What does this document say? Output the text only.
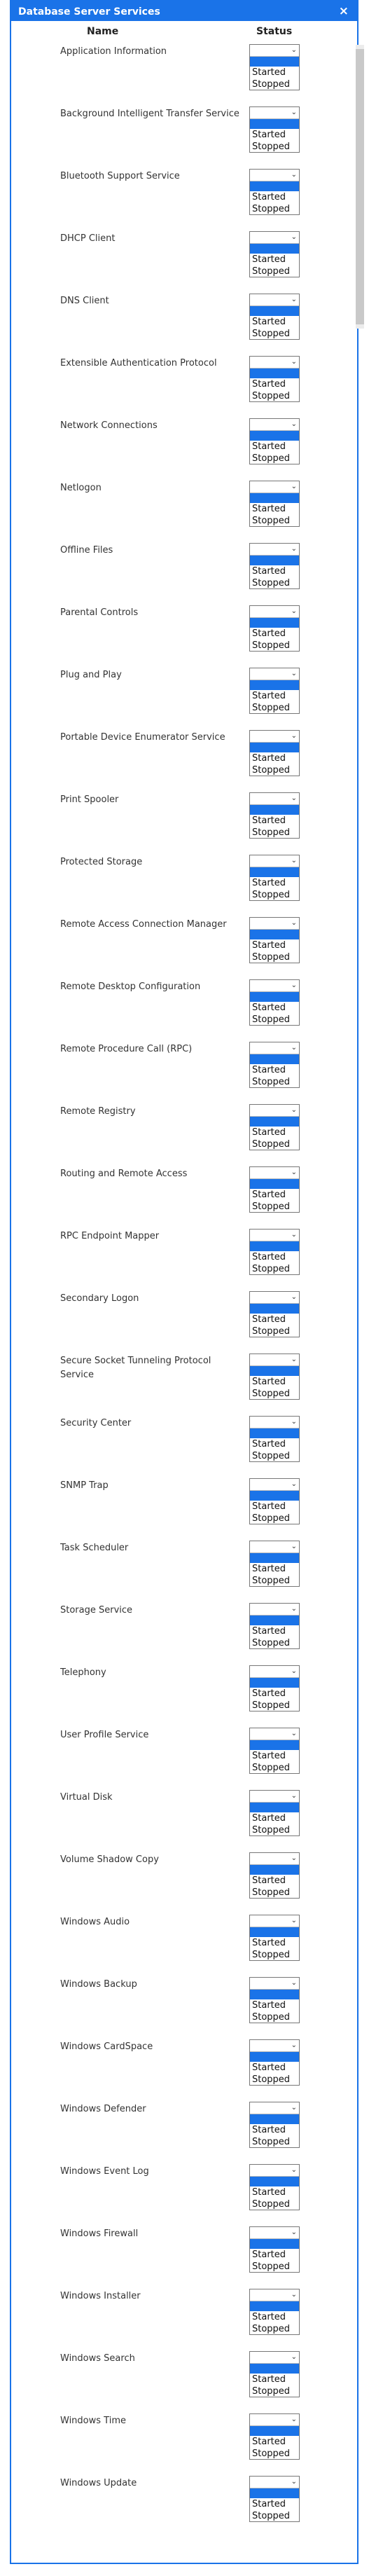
Database Server Services	×
Name	Status
Application Information	⌄
Started
Stopped
Background Intelligent Transfer Service	⌄
Started
Stopped
Bluetooth Support Service	⌄
Started
Stopped
DHCP Client	⌄
Started
Stopped
DNS Client	⌄
Started
Stopped
Extensible Authentication Protocol	⌄
Started
Stopped
Network Connections	⌄
Started
Stopped
Netlogon	⌄
Started
Stopped
Offline Files	⌄
Started
Stopped
Parental Controls	⌄
Started
Stopped
Plug and Play	⌄
Started
Stopped
Portable Device Enumerator Service	⌄
Started
Stopped
Print Spooler	⌄
Started
Stopped
Protected Storage	⌄
Started
Stopped
Remote Access Connection Manager	⌄
Started
Stopped
Remote Desktop Configuration	⌄
Started
Stopped
Remote Procedure Call (RPC)	⌄
Started
Stopped
Remote Registry	⌄
Started
Stopped
Routing and Remote Access	⌄
Started
Stopped
RPC Endpoint Mapper	⌄
Started
Stopped
Secondary Logon	⌄
Started
Stopped
Secure Socket Tunneling Protocol Service
⌄
Started
Stopped
Security Center	⌄
Started
Stopped
SNMP Trap	⌄
Started
Stopped
Task Scheduler	⌄
Started
Stopped
Storage Service	⌄
Started
Stopped
Telephony	⌄
Started
Stopped
User Profile Service	⌄
Started
Stopped
Virtual Disk	⌄
Started
Stopped
Volume Shadow Copy	⌄
Started
Stopped
Windows Audio	⌄
Started
Stopped
Windows Backup	⌄
Started
Stopped
Windows CardSpace	⌄
Started
Stopped
Windows Defender	⌄
Started
Stopped
Windows Event Log	⌄
Started
Stopped
Windows Firewall	⌄
Started
Stopped
Windows Installer	⌄
Started
Stopped
Windows Search	⌄
Started
Stopped
Windows Time	⌄
Started
Stopped
Windows Update	⌄
Started
Stopped
